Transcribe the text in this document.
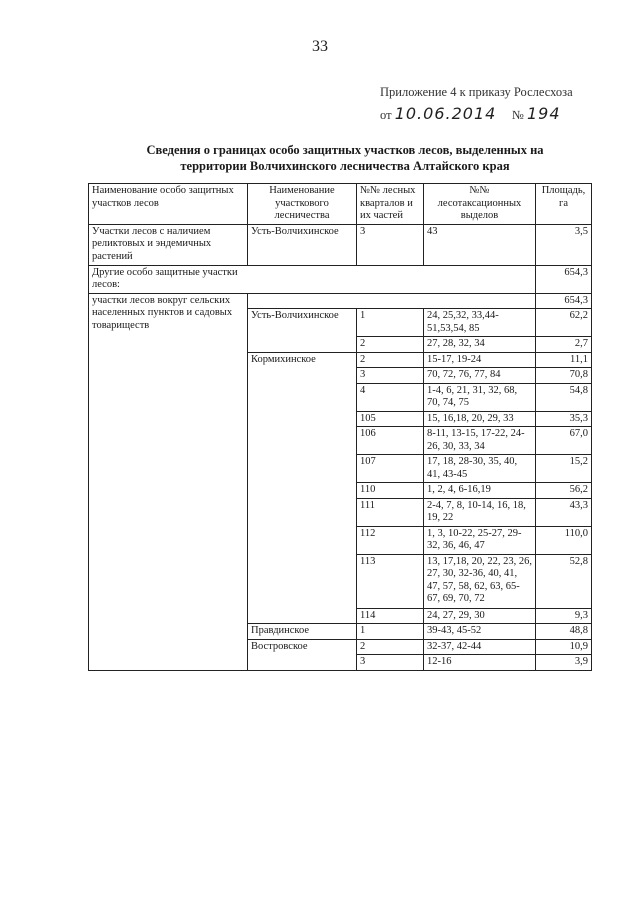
33
Приложение 4 к приказу Рослесхоза
от 10.06.2014 № 194
Сведения о границах особо защитных участков лесов, выделенных на
территории Волчихинского лесничества Алтайского края
Наименование особо защитных участков лесов	Наименование участкового лесничества	№№ лесных кварталов и их частей	№№ лесотаксационных выделов	Площадь, га
Участки лесов с наличием реликтовых и эндемичных растений	Усть-Волчихинское	3	43	3,5
Другие особо защитные участки лесов:				654,3
участки лесов вокруг сельских населенных пунктов и садовых товариществ				654,3
	Усть-Волчихинское	1	24, 25,32, 33,44-51,53,54, 85	62,2
		2	27, 28, 32, 34	2,7
	Кормихинское	2	15-17, 19-24	11,1
		3	70, 72, 76, 77, 84	70,8
		4	1-4, 6, 21, 31, 32, 68, 70, 74, 75	54,8
		105	15, 16,18, 20, 29, 33	35,3
		106	8-11, 13-15, 17-22, 24-26, 30, 33, 34	67,0
		107	17, 18, 28-30, 35, 40, 41, 43-45	15,2
		110	1, 2, 4, 6-16,19	56,2
		111	2-4, 7, 8, 10-14, 16, 18, 19, 22	43,3
		112	1, 3, 10-22, 25-27, 29-32, 36, 46, 47	110,0
		113	13, 17,18, 20, 22, 23, 26, 27, 30, 32-36, 40, 41, 47, 57, 58, 62, 63, 65-67, 69, 70, 72	52,8
		114	24, 27, 29, 30	9,3
	Правдинское	1	39-43, 45-52	48,8
	Востровское	2	32-37, 42-44	10,9
		3	12-16	3,9
